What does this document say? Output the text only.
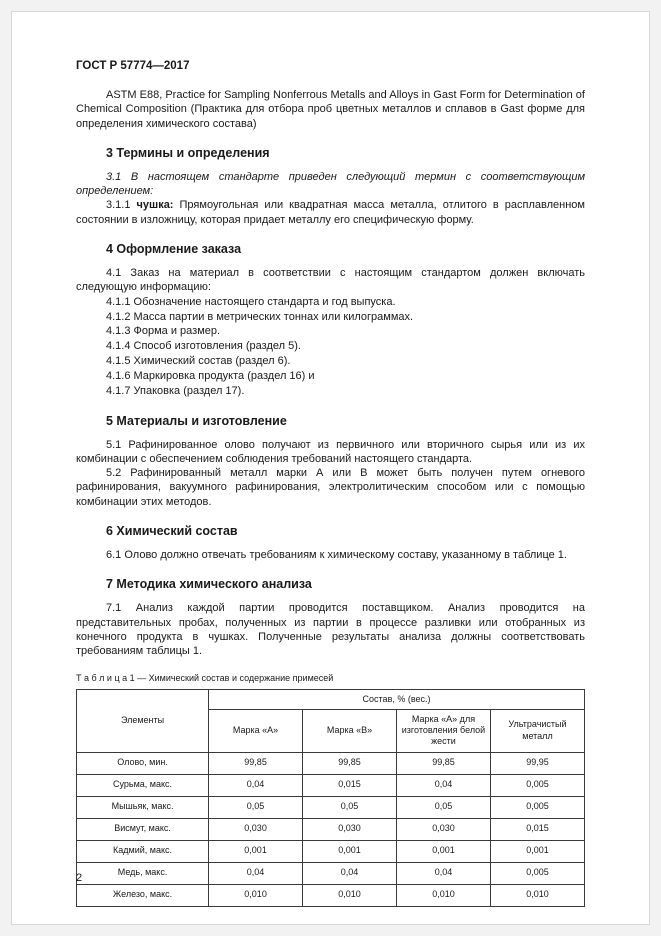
ГОСТ Р 57774—2017

ASTM E88, Practice for Sampling Nonferrous Metalls and Alloys in Gast Form for Determination of Chemical Composition (Практика для отбора проб цветных металлов и сплавов в Gast форме для определения химического состава)

3 Термины и определения

3.1 В настоящем стандарте приведен следующий термин с соответствующим определением:

3.1.1 чушка: Прямоугольная или квадратная масса металла, отлитого в расплавленном состоянии в изложницу, которая придает металлу его специфическую форму.

4 Оформление заказа

4.1 Заказ на материал в соответствии с настоящим стандартом должен включать следующую информацию:

4.1.1 Обозначение настоящего стандарта и год выпуска.
4.1.2 Масса партии в метрических тоннах или килограммах.
4.1.3 Форма и размер.
4.1.4 Способ изготовления (раздел 5).
4.1.5 Химический состав (раздел 6).
4.1.6 Маркировка продукта (раздел 16) и
4.1.7 Упаковка (раздел 17).
5 Материалы и изготовление

5.1 Рафинированное олово получают из первичного или вторичного сырья или из их комбинации с обеспечением соблюдения требований настоящего стандарта.

5.2 Рафинированный металл марки А или В может быть получен путем огневого рафинирования, вакуумного рафинирования, электролитическим способом или с помощью комбинации этих методов.

6 Химический состав

6.1 Олово должно отвечать требованиям к химическому составу, указанному в таблице 1.

7 Методика химического анализа

7.1 Анализ каждой партии проводится поставщиком. Анализ проводится на представительных пробах, полученных из партии в процессе разливки или отобранных из конечного продукта в чушках. Полученные результаты анализа должны соответствовать требованиям таблицы 1.

Т а б л и ц а 1 — Химический состав и содержание примесей
Элементы	Состав, % (вес.)			
	Марка «А»	Марка «В»	Марка «А» для изготовления белой жести	Ультрачистый металл
Олово, мин.	99,85	99,85	99,85	99,95
Сурьма, макс.	0,04	0,015	0,04	0,005
Мышьяк, макс.	0,05	0,05	0,05	0,005
Висмут, макс.	0,030	0,030	0,030	0,015
Кадмий, макс.	0,001	0,001	0,001	0,001
Медь, макс.	0,04	0,04	0,04	0,005
Железо, макс.	0,010	0,010	0,010	0,010
2
